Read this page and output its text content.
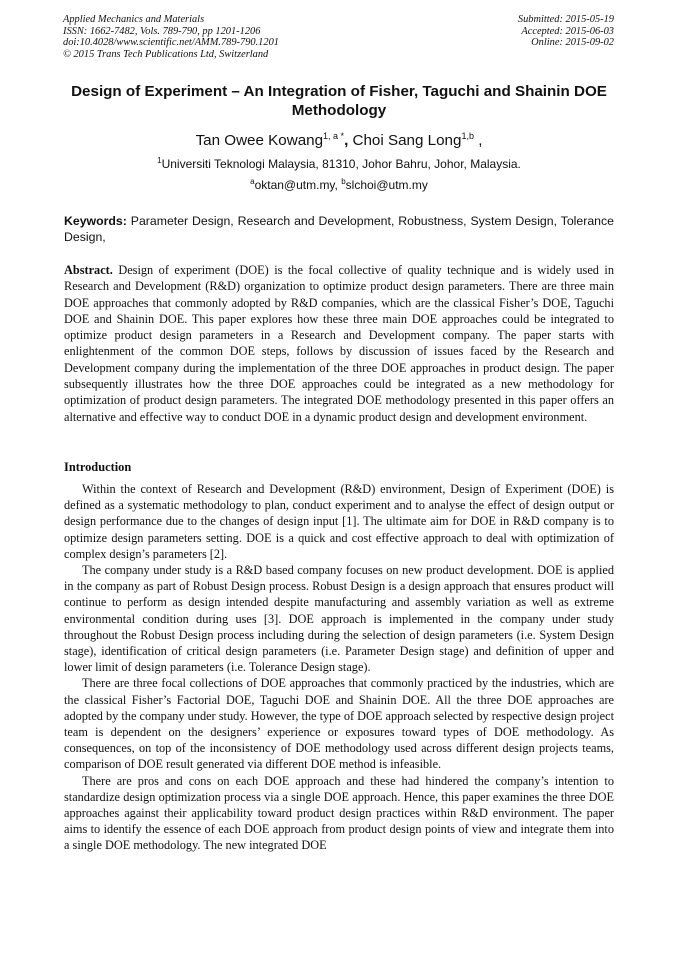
Applied Mechanics and Materials
ISSN: 1662-7482, Vols. 789-790, pp 1201-1206
doi:10.4028/www.scientific.net/AMM.789-790.1201
© 2015 Trans Tech Publications Ltd, Switzerland
Submitted: 2015-05-19
Accepted: 2015-06-03
Online: 2015-09-02
Design of Experiment – An Integration of Fisher, Taguchi and Shainin DOE Methodology
Tan Owee Kowang$^{1, a *}$, Choi Sang Long$^{1,b}$ ,
$^1$Universiti Teknologi Malaysia, 81310, Johor Bahru, Johor, Malaysia.
$^a$oktan@utm.my, $^b$slchoi@utm.my
Keywords: Parameter Design, Research and Development, Robustness, System Design, Tolerance Design,
Abstract. Design of experiment (DOE) is the focal collective of quality technique and is widely used in Research and Development (R&D) organization to optimize product design parameters. There are three main DOE approaches that commonly adopted by R&D companies, which are the classical Fisher’s DOE, Taguchi DOE and Shainin DOE. This paper explores how these three main DOE approaches could be integrated to optimize product design parameters in a Research and Development company. The paper starts with enlightenment of the common DOE steps, follows by discussion of issues faced by the Research and Development company during the implementation of the three DOE approaches in product design. The paper subsequently illustrates how the three DOE approaches could be integrated as a new methodology for optimization of product design parameters. The integrated DOE methodology presented in this paper offers an alternative and effective way to conduct DOE in a dynamic product design and development environment.
Introduction

Within the context of Research and Development (R&D) environment, Design of Experiment (DOE) is defined as a systematic methodology to plan, conduct experiment and to analyse the effect of design output or design performance due to the changes of design input [1]. The ultimate aim for DOE in R&D company is to optimize design parameters setting. DOE is a quick and cost effective approach to deal with optimization of complex design’s parameters [2].

The company under study is a R&D based company focuses on new product development. DOE is applied in the company as part of Robust Design process. Robust Design is a design approach that ensures product will continue to perform as design intended despite manufacturing and assembly variation as well as extreme environmental condition during uses [3]. DOE approach is implemented in the company under study throughout the Robust Design process including during the selection of design parameters (i.e. System Design stage), identification of critical design parameters (i.e. Parameter Design stage) and definition of upper and lower limit of design parameters (i.e. Tolerance Design stage).

There are three focal collections of DOE approaches that commonly practiced by the industries, which are the classical Fisher’s Factorial DOE, Taguchi DOE and Shainin DOE. All the three DOE approaches are adopted by the company under study. However, the type of DOE approach selected by respective design project team is dependent on the designers’ experience or exposures toward types of DOE methodology. As consequences, on top of the inconsistency of DOE methodology used across different design projects teams, comparison of DOE result generated via different DOE method is infeasible.

There are pros and cons on each DOE approach and these had hindered the company’s intention to standardize design optimization process via a single DOE approach. Hence, this paper examines the three DOE approaches against their applicability toward product design practices within R&D environment. The paper aims to identify the essence of each DOE approach from product design points of view and integrate them into a single DOE methodology. The new integrated DOE
